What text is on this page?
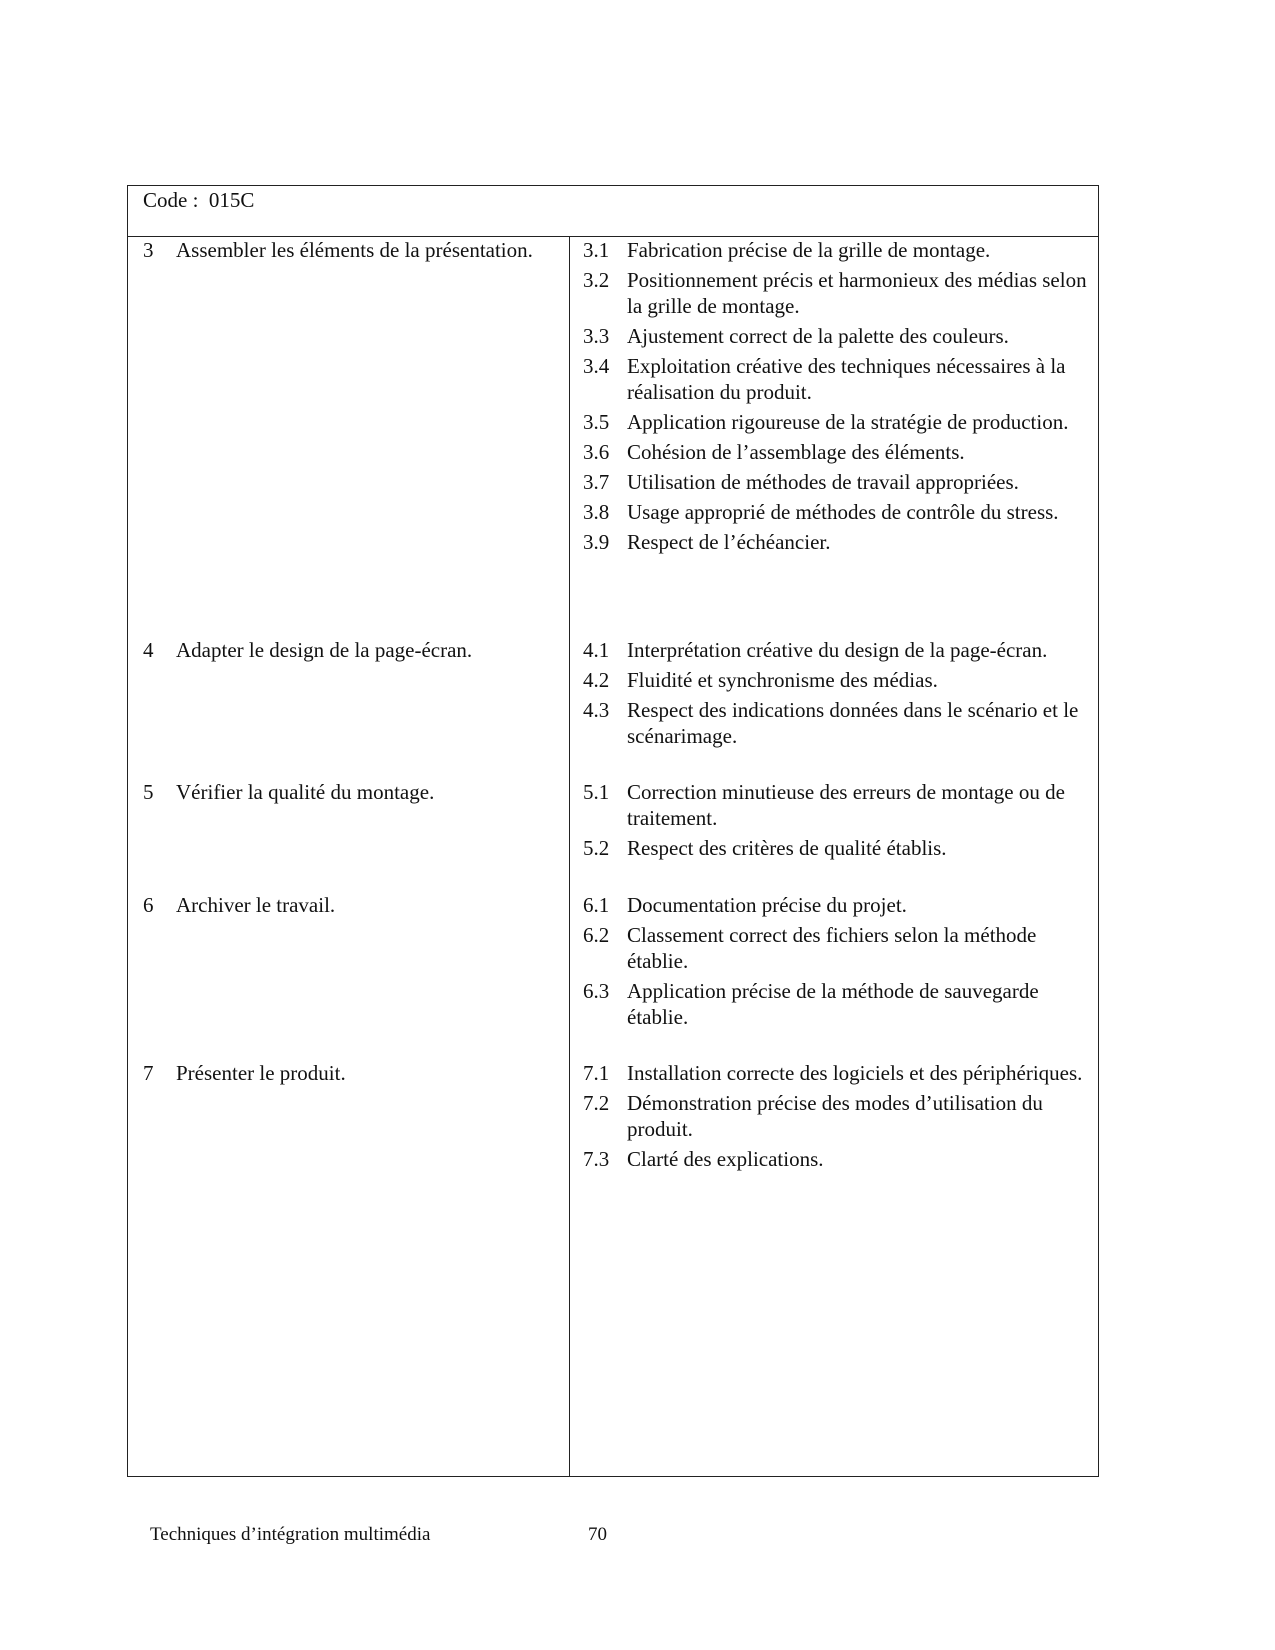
Code :  015C
3 Assembler les éléments de la présentation.	3.1 Fabrication précise de la grille de montage.
3.2 Positionnement précis et harmonieux des médias selon la grille de montage.
3.3 Ajustement correct de la palette des couleurs.
3.4 Exploitation créative des techniques nécessaires à la réalisation du produit.
3.5 Application rigoureuse de la stratégie de production.
3.6 Cohésion de l’assemblage des éléments.
3.7 Utilisation de méthodes de travail appropriées.
3.8 Usage approprié de méthodes de contrôle du stress.
3.9 Respect de l’échéancier.
4 Adapter le design de la page-écran.	4.1 Interprétation créative du design de la page-écran.
4.2 Fluidité et synchronisme des médias.
4.3 Respect des indications données dans le scénario et le scénarimage.
5 Vérifier la qualité du montage.	5.1 Correction minutieuse des erreurs de montage ou de traitement.
5.2 Respect des critères de qualité établis.
6 Archiver le travail.	6.1 Documentation précise du projet.
6.2 Classement correct des fichiers selon la méthode établie.
6.3 Application précise de la méthode de sauvegarde établie.
7 Présenter le produit.	7.1 Installation correcte des logiciels et des périphériques.
7.2 Démonstration précise des modes d’utilisation du produit.
7.3 Clarté des explications.
Techniques d’intégration multimédia	70
